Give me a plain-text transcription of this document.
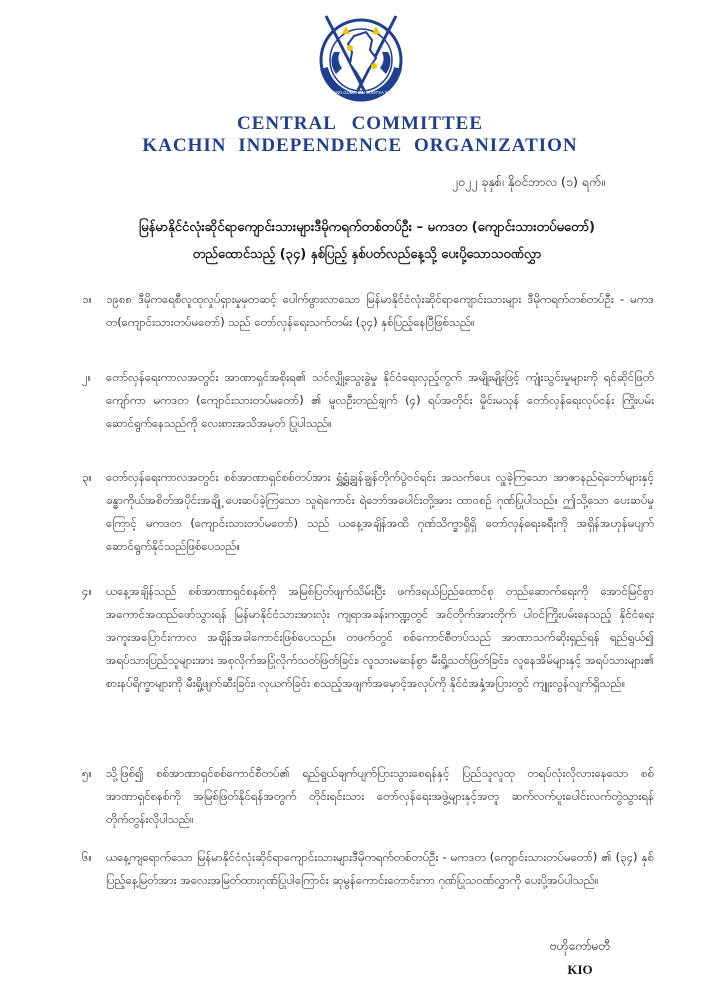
KACHINLAND GUMSHAN GUMTSA SHINGNAN
CENTRAL COMMITTEE
KACHIN INDEPENDENCE ORGANIZATION
၂၀၂၂ ခုနှစ်၊ နိုဝင်ဘာလ (၁) ရက်။
မြန်မာနိုင်ငံလုံးဆိုင်ရာကျောင်းသားများဒီမိုကရက်တစ်တပ်ဦး – မကဒတ (ကျောင်းသားတပ်မတော်)
တည်ထောင်သည့် (၃၄) နှစ်ပြည့် နှစ်ပတ်လည်နေ့သို့ ပေးပို့သောသဝဏ်လွှာ
၁။	၁၉၈၈ ဒီမိုကရေစီလူထုလှုပ်ရှားမှုမှတဆင့် ပေါက်ဖွားလာသော မြန်မာနိုင်ငံလုံးဆိုင်ရာကျောင်းသားများ ဒီမိုကရက်တစ်တပ်ဦး - မကဒတ(ကျောင်းသားတပ်မတော်) သည် တော်လှန်ရေးသက်တမ်း (၃၄) နှစ်ပြည့်နေပြီဖြစ်သည်။
၂။	တော်လှန်ရေးကာလအတွင်း အာဏာရှင်အစိုးရ၏ သင်လျှို့သွေးခွဲမှု နိုင်ငံရေးလှည့်ကွက် အမျိုးမျိုးဖြင့် ကျုံးသွင်းမှုများကို ရင်ဆိုင်ဖြတ်ကျော်ကာ မကဒတ (ကျောင်းသားတပ်မတော်) ၏ မူလဦးတည်ချက် (၄) ရပ်အတိုင်း မှိုင်းမသုန် တော်လှန်ရေးလုပ်ငန်း ကြိုးပမ်းဆောင်ရွက်နေသည်ကို လေးစားအသိအမှတ် ပြုပါသည်။
၃။	တော်လှန်ရေးကာလအတွင်း စစ်အာဏာရှင်စစ်တပ်အား ရွှံ့ရွှံ့ချွန်ချွန်တိုက်ပွဲဝင်ရင်း အသက်ပေး လှူခဲ့ကြသော အာဇာနည်ရဲဘော်များနှင့် ခန္ဓာကိုယ်အစိတ်အပိုင်းအချို့ ပေးဆပ်ခဲ့ကြသော သူရဲကောင်း ရဲဘော်အပေါင်းတို့အား ထာဝစဉ် ဂုဏ်ပြုပါသည်။ ဤသို့သော ပေးဆပ်မှုကြောင့် မကဒတ (ကျောင်းသားတပ်မတော်) သည် ယနေ့အချိန်အထိ ဂုဏ်သိက္ခာရှိရှိ တော်လှန်ရေးခရီးကို အရှိန်အဟုန်မပျက် ဆောင်ရွက်နိုင်သည်ဖြစ်ပေသည်။
၄။	ယနေ့အချိန်သည် စစ်အာဏာရှင်စနစ်ကို အမြစ်ပြတ်ဖျက်သိမ်းပြီး ဖက်ဒရယ်ပြည်ထောင်စု တည်ဆောက်ရေးကို အောင်မြင်စွာအကောင်အထည်ဖော်သွားရန် မြန်မာနိုင်ငံသားအားလုံး ကျရာအခန်းကဏ္ဍတွင် အင်တိုက်အားတိုက် ပါဝင်ကြိုးပမ်းနေသည့် နိုင်ငံရေးအကူးအပြောင်းကာလ အချိန်အခါကောင်းဖြစ်ပေသည်။ တဖက်တွင် စစ်ကောင်စီတပ်သည် အာဏာသက်ဆိုးရှည်ရန် ရည်ရွယ်၍ အရပ်သားပြည်သူများအား အစုလိုက်အပြုံလိုက်သတ်ဖြတ်ခြင်း၊ လူသားမဆန်စွာ မီးရှို့သတ်ဖြတ်ခြင်း၊ လူနေအိမ်များနှင့် အရပ်သားများ၏ စားနပ်ရိက္ခာများကို မီးရှို့ဖျက်ဆီးခြင်း၊ လုယက်ခြင်း စသည့်အဖျက်အမှောင့်အလုပ်ကို နိုင်ငံအနှံ့အပြားတွင် ကျူးလွန်လျက်ရှိသည်။
၅။	သို့ဖြစ်၍ စစ်အာဏာရှင်စစ်ကောင်စီတပ်၏ ရည်ရွယ်ချက်ပျက်ပြားသွားစေရန်နှင့် ပြည်သူလူထု တရပ်လုံးလိုလားနေသော စစ်အာဏာရှင်စနစ်ကို အမြစ်ဖြတ်နိုင်ရန်အတွက် တိုင်းရင်းသား တော်လှန်ရေးအဖွဲ့များနှင့်အတူ ဆက်လက်ပူးပေါင်းလက်တွဲသွားရန် တိုက်တွန်းလိုပါသည်။
၆။	ယနေ့ကျရောက်သော မြန်မာနိုင်ငံလုံးဆိုင်ရာကျောင်းသားများဒီမိုကရက်တစ်တပ်ဦး - မကဒတ (ကျောင်းသားတပ်မတော်) ၏ (၃၄) နှစ်ပြည့်နေ့မြတ်အား အလေးအမြတ်ထားဂုဏ်ပြုပါကြောင်း ဆုမွန်ကောင်းတောင်းကာ ဂုဏ်ပြုသဝဏ်လွှာကို ပေးပို့အပ်ပါသည်။
ဗဟိုကော်မတီ
KIO
